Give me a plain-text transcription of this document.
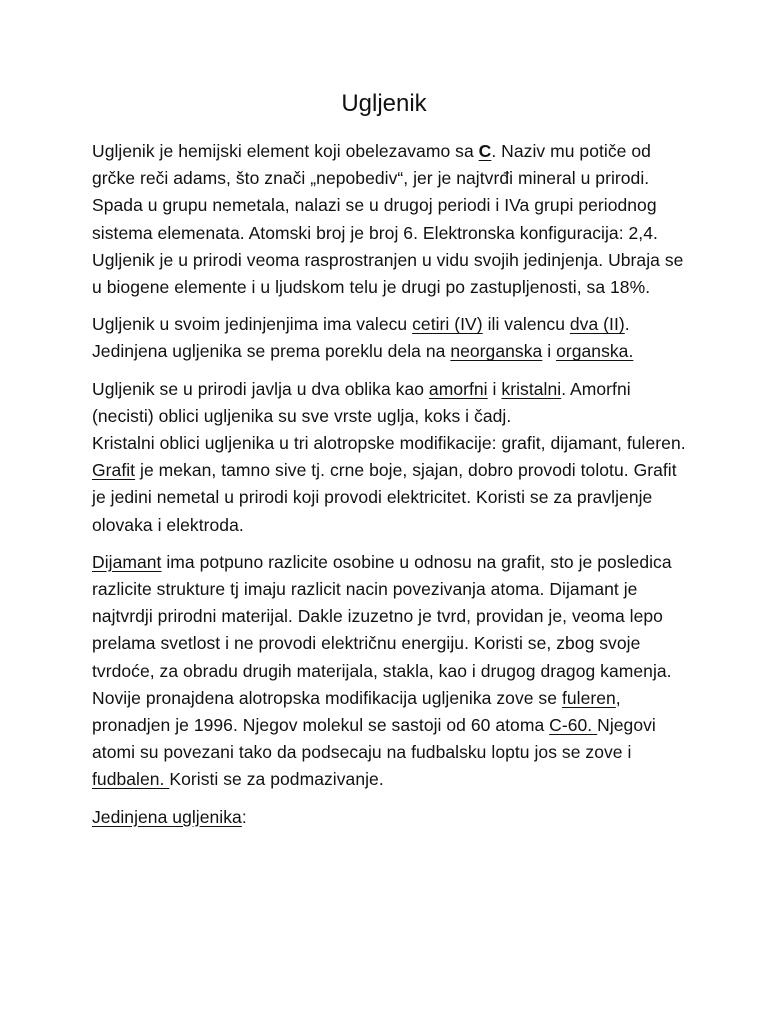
Ugljenik

Ugljenik je hemijski element koji obelezavamo sa C. Naziv mu potiče od grčke reči adams, što znači „nepobediv“, jer je najtvrđi mineral u prirodi. Spada u grupu nemetala, nalazi se u drugoj periodi i IVa grupi periodnog sistema elemenata. Atomski broj je broj 6. Elektronska konfiguracija: 2,4. Ugljenik je u prirodi veoma rasprostranjen u vidu svojih jedinjenja. Ubraja se u biogene elemente i u ljudskom telu je drugi po zastupljenosti, sa 18%.

Ugljenik u svoim jedinjenjima ima valecu cetiri (IV) ili valencu dva (II). Jedinjena ugljenika se prema poreklu dela na neorganska i organska.

Ugljenik se u prirodi javlja u dva oblika kao amorfni i kristalni. Amorfni (necisti) oblici ugljenika su sve vrste uglja, koks i čadj.
Kristalni oblici ugljenika u tri alotropske modifikacije: grafit, dijamant, fuleren.
Grafit je mekan, tamno sive tj. crne boje, sjajan, dobro provodi tolotu. Grafit je jedini nemetal u prirodi koji provodi elektricitet. Koristi se za pravljenje olovaka i elektroda.

Dijamant ima potpuno razlicite osobine u odnosu na grafit, sto je posledica razlicite strukture tj imaju razlicit nacin povezivanja atoma. Dijamant je najtvrdji prirodni materijal. Dakle izuzetno je tvrd, providan je, veoma lepo prelama svetlost i ne provodi električnu energiju. Koristi se, zbog svoje tvrdoće, za obradu drugih materijala, stakla, kao i drugog dragog kamenja.
Novije pronajdena alotropska modifikacija ugljenika zove se fuleren, pronadjen je 1996. Njegov molekul se sastoji od 60 atoma C-60. Njegovi atomi su povezani tako da podsecaju na fudbalsku loptu jos se zove i fudbalen. Koristi se za podmazivanje.

Jedinjena ugljenika:
